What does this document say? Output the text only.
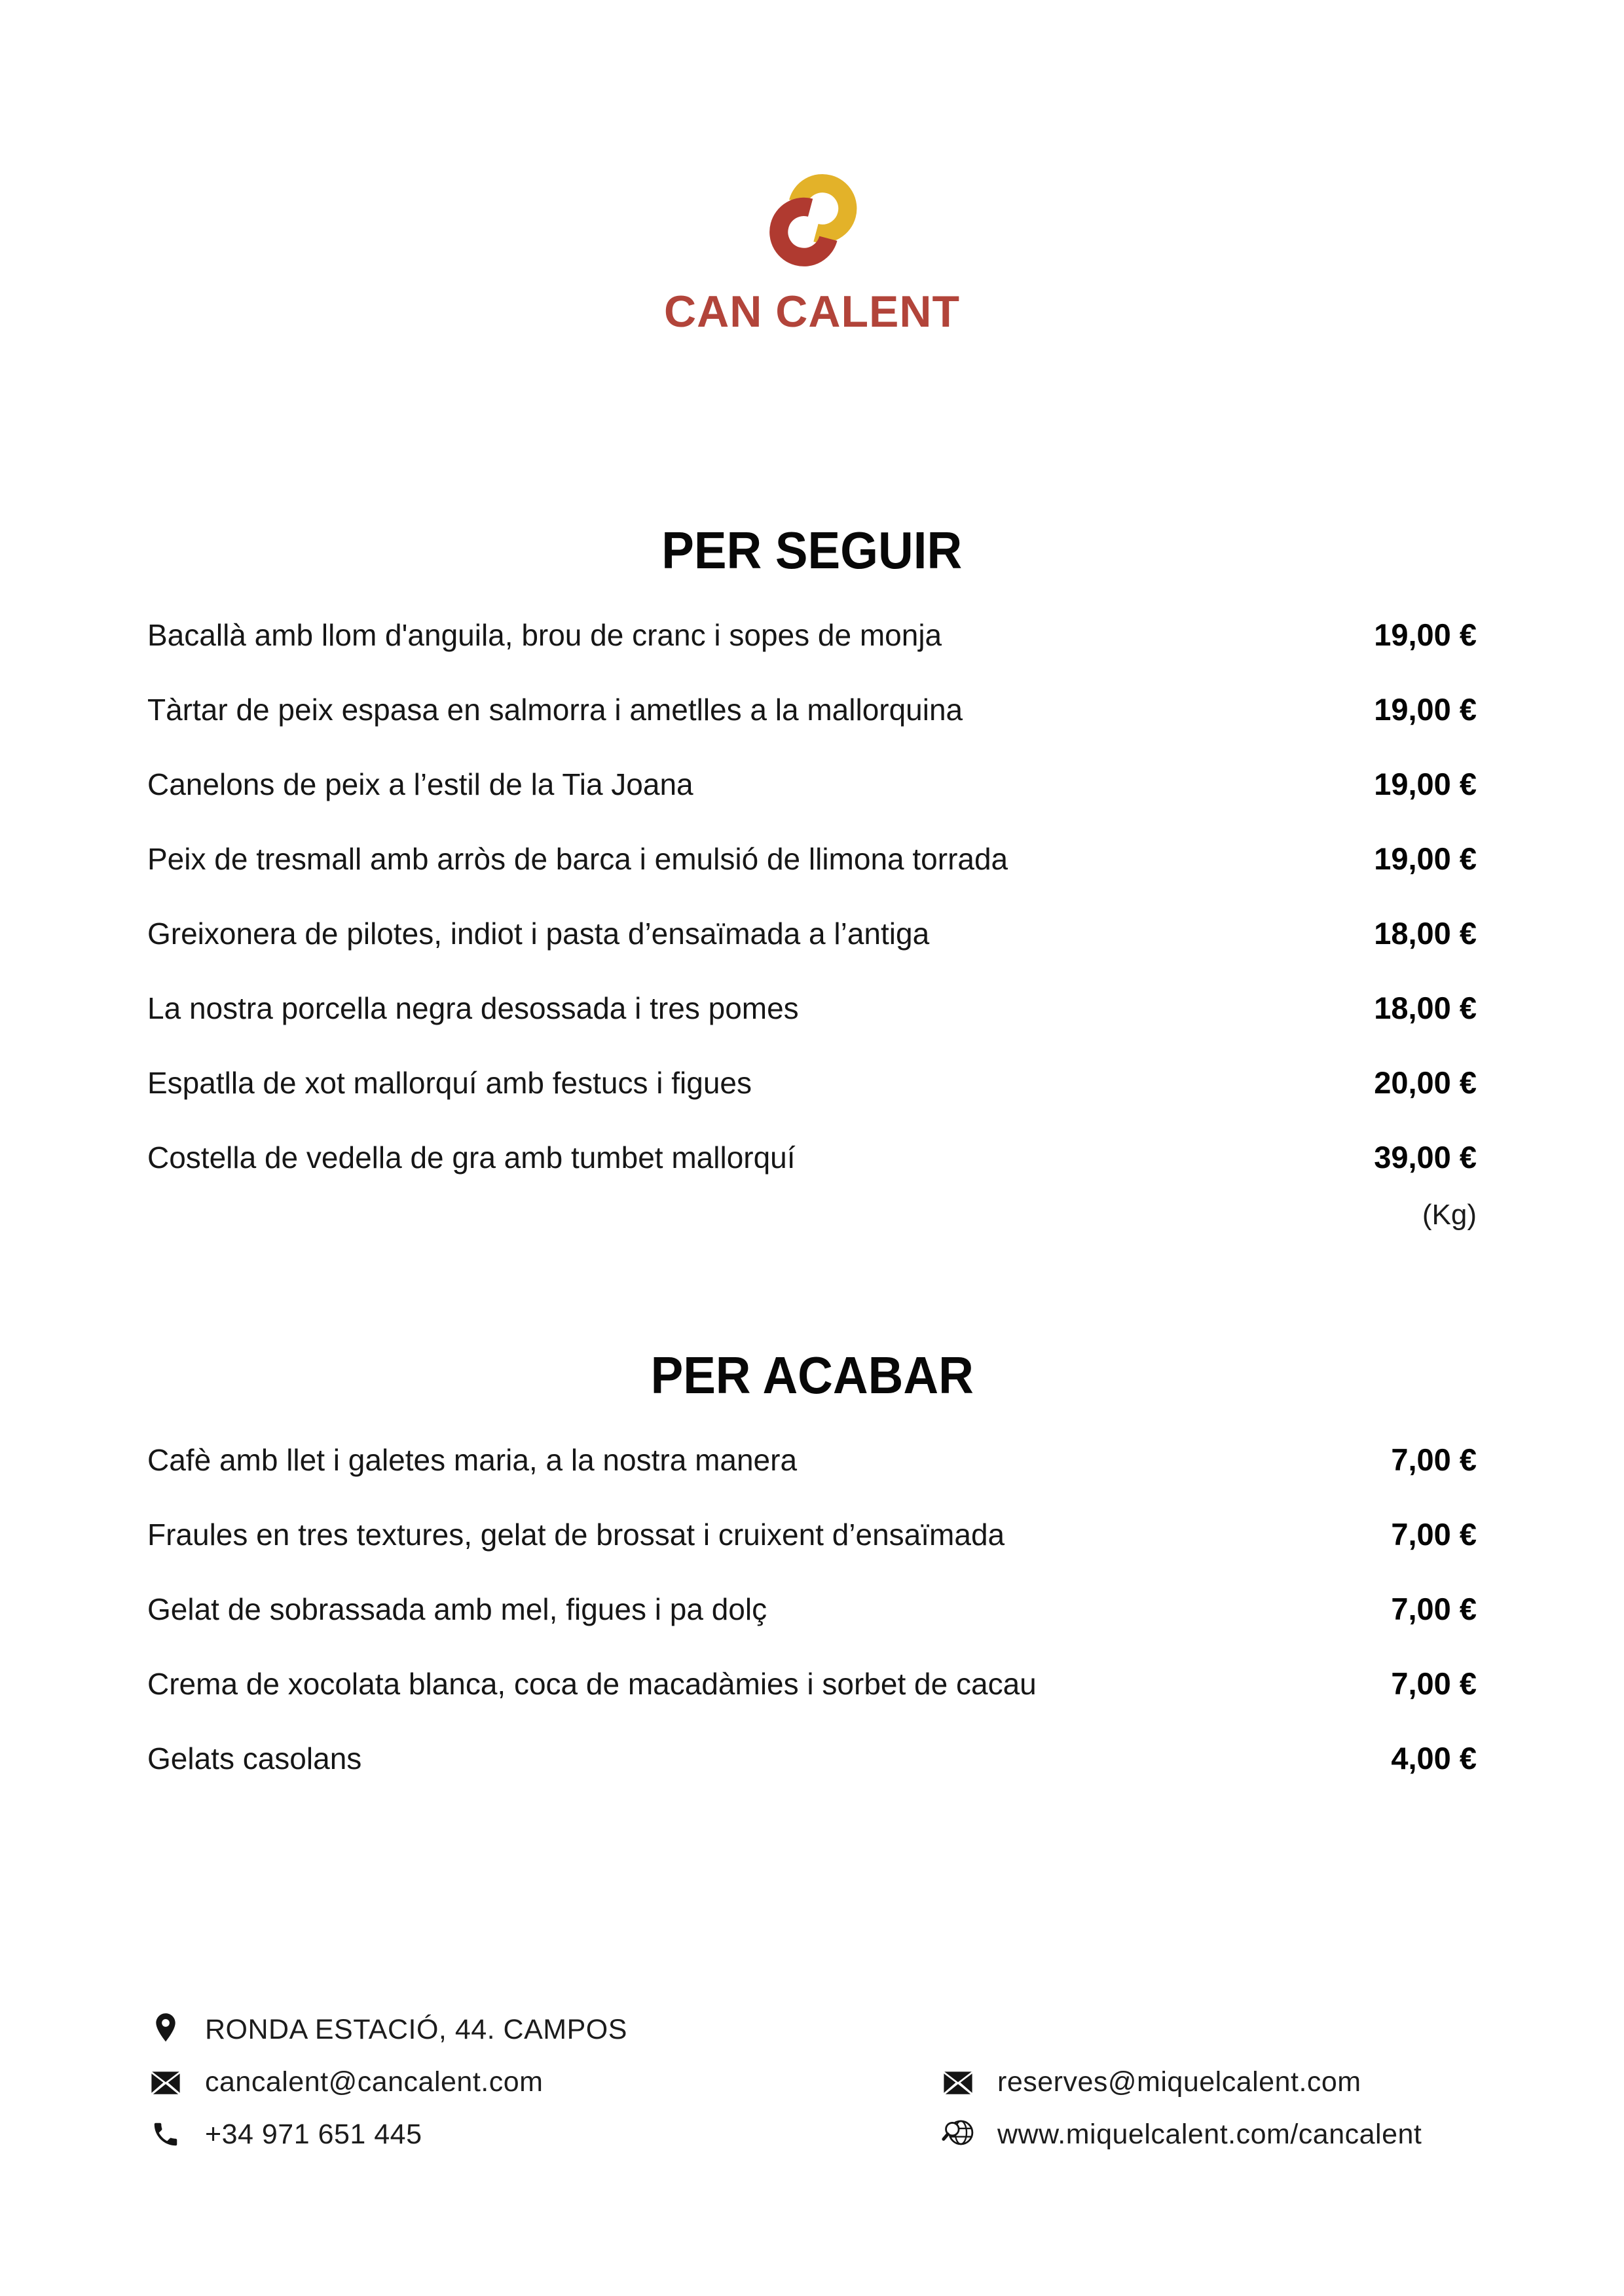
CAN CALENT
PER SEGUIR
Bacallà amb llom d'anguila, brou de cranc i sopes de monja	19,00 €
Tàrtar de peix espasa en salmorra i ametlles a la mallorquina	19,00 €
Canelons de peix a l’estil de la Tia Joana	19,00 €
Peix de tresmall amb arròs de barca i emulsió de llimona torrada	19,00 €
Greixonera de pilotes, indiot i pasta d’ensaïmada a l’antiga	18,00 €
La nostra porcella negra desossada i tres pomes	18,00 €
Espatlla de xot mallorquí amb festucs i figues	20,00 €
Costella de vedella de gra amb tumbet mallorquí	39,00 €
(Kg)
PER ACABAR
Cafè amb llet i galetes maria, a la nostra manera	7,00 €
Fraules en tres textures, gelat de brossat i cruixent d’ensaïmada	7,00 €
Gelat de sobrassada amb mel, figues i pa dolç	7,00 €
Crema de xocolata blanca, coca de macadàmies i sorbet de cacau	7,00 €
Gelats casolans	4,00 €
RONDA ESTACIÓ, 44. CAMPOS
cancalent@cancalent.com
+34 971 651 445
reserves@miquelcalent.com
www.miquelcalent.com/cancalent
